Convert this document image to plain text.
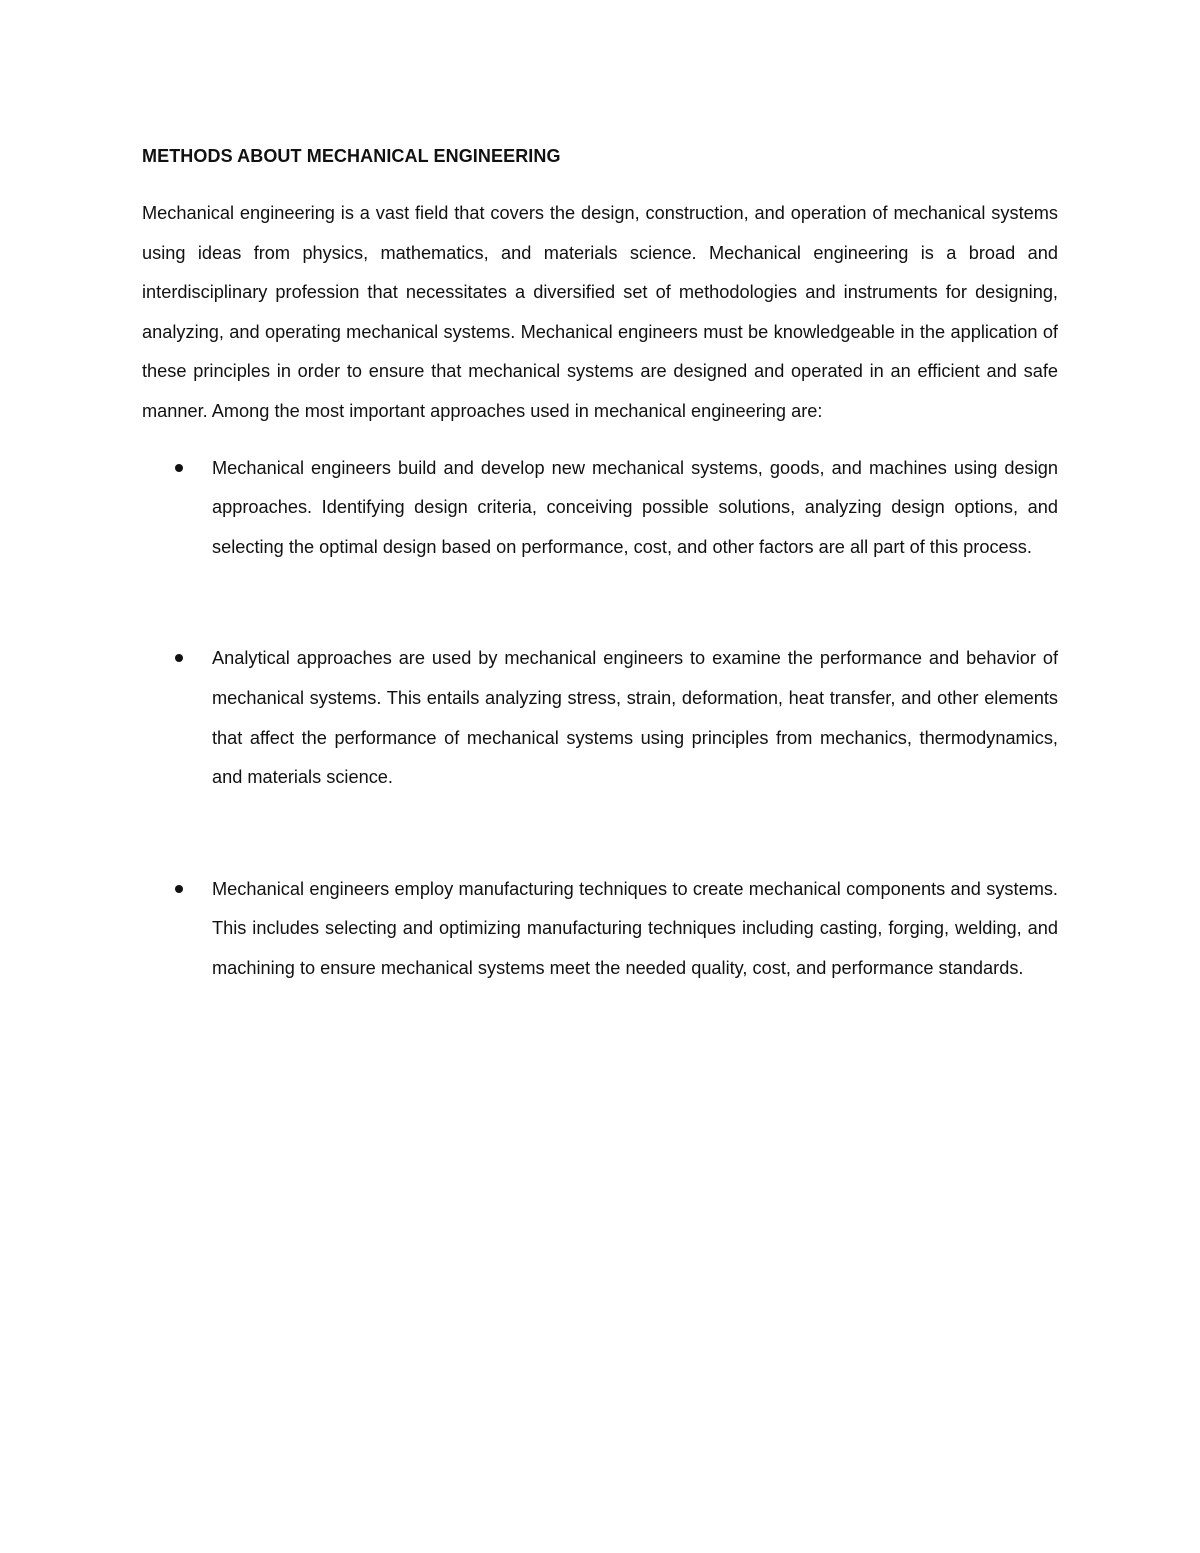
METHODS ABOUT MECHANICAL ENGINEERING

Mechanical engineering is a vast field that covers the design, construction, and operation of mechanical systems using ideas from physics, mathematics, and materials science. Mechanical engineering is a broad and interdisciplinary profession that necessitates a diversified set of methodologies and instruments for designing, analyzing, and operating mechanical systems. Mechanical engineers must be knowledgeable in the application of these principles in order to ensure that mechanical systems are designed and operated in an efficient and safe manner. Among the most important approaches used in mechanical engineering are:

Mechanical engineers build and develop new mechanical systems, goods, and machines using design approaches. Identifying design criteria, conceiving possible solutions, analyzing design options, and selecting the optimal design based on performance, cost, and other factors are all part of this process.
Analytical approaches are used by mechanical engineers to examine the performance and behavior of mechanical systems. This entails analyzing stress, strain, deformation, heat transfer, and other elements that affect the performance of mechanical systems using principles from mechanics, thermodynamics, and materials science.
Mechanical engineers employ manufacturing techniques to create mechanical components and systems. This includes selecting and optimizing manufacturing techniques including casting, forging, welding, and machining to ensure mechanical systems meet the needed quality, cost, and performance standards.
